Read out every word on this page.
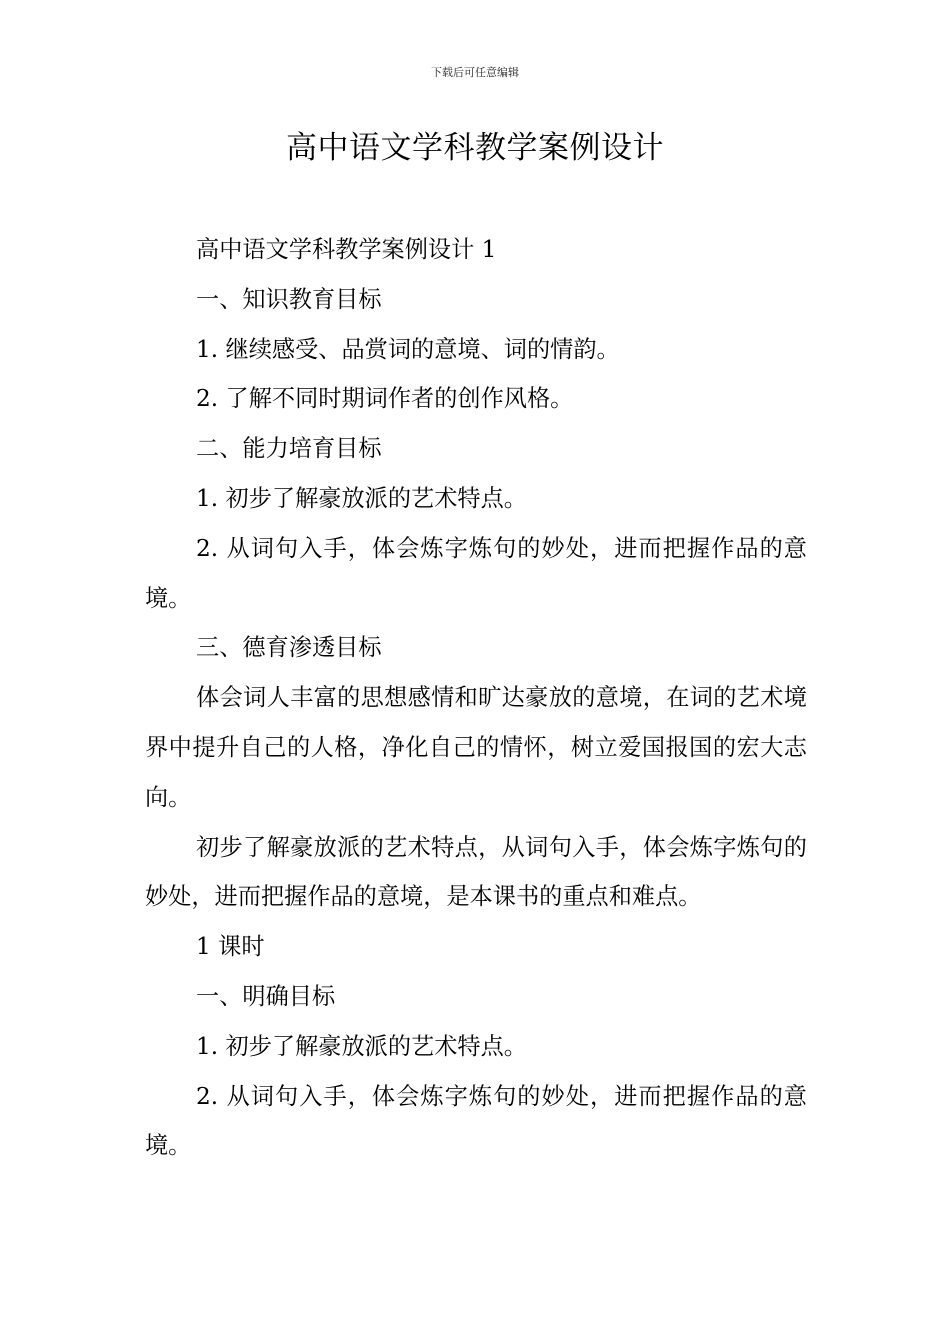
下载后可任意编辑
高中语文学科教学案例设计

高中语文学科教学案例设计 1

一、知识教育目标

1. 继续感受、品赏词的意境、词的情韵。

2. 了解不同时期词作者的创作风格。

二、能力培育目标

1. 初步了解豪放派的艺术特点。

2. 从词句入手，体会炼字炼句的妙处，进而把握作品的意境。

三、德育渗透目标

体会词人丰富的思想感情和旷达豪放的意境，在词的艺术境界中提升自己的人格，净化自己的情怀，树立爱国报国的宏大志向。

初步了解豪放派的艺术特点，从词句入手，体会炼字炼句的妙处，进而把握作品的意境，是本课书的重点和难点。

1 课时

一、明确目标

1. 初步了解豪放派的艺术特点。

2. 从词句入手，体会炼字炼句的妙处，进而把握作品的意境。
